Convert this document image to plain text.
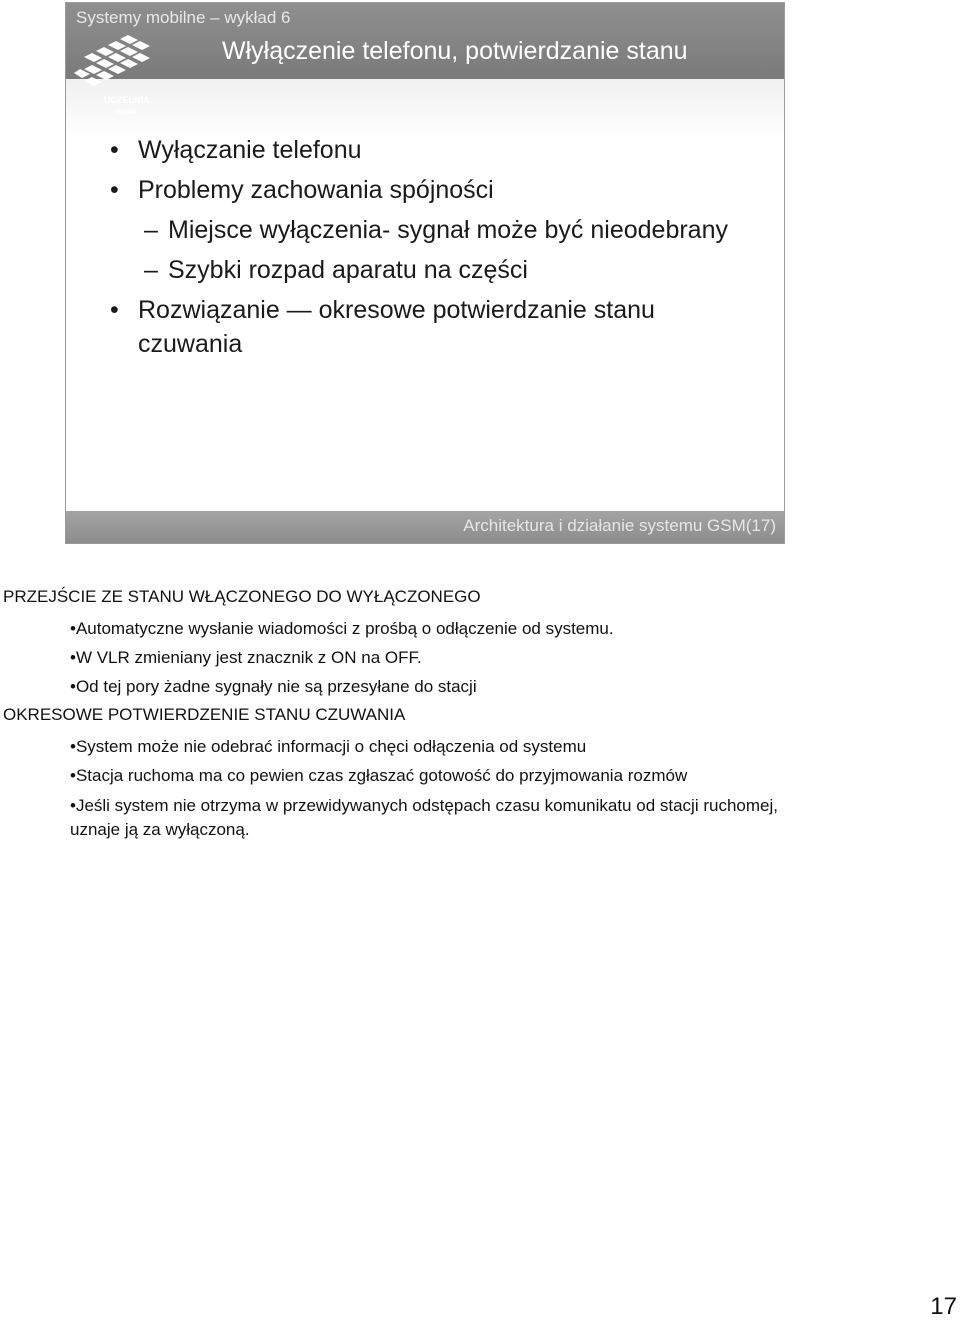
Systemy mobilne – wykład 6
Włyłączenie telefonu, potwierdzanie stanu
UCZELNIA
ONLINE
• Wyłączanie telefonu
• Problemy zachowania spójności
– Miejsce wyłączenia- sygnał może być nieodebrany
– Szybki rozpad aparatu na części
• Rozwiązanie — okresowe potwierdzanie stanu czuwania
Architektura i działanie systemu GSM(17)
PRZEJŚCIE ZE STANU WŁĄCZONEGO DO WYŁĄCZONEGO
•Automatyczne wysłanie wiadomości z prośbą o odłączenie od systemu.
•W VLR zmieniany jest znacznik z ON na OFF.
•Od tej pory żadne sygnały nie są przesyłane do stacji
OKRESOWE POTWIERDZENIE STANU CZUWANIA
•System może nie odebrać informacji o chęci odłączenia od systemu
•Stacja ruchoma ma co pewien czas zgłaszać gotowość do przyjmowania rozmów
•Jeśli system nie otrzyma w przewidywanych odstępach czasu komunikatu od stacji ruchomej, uznaje ją za wyłączoną.
17
